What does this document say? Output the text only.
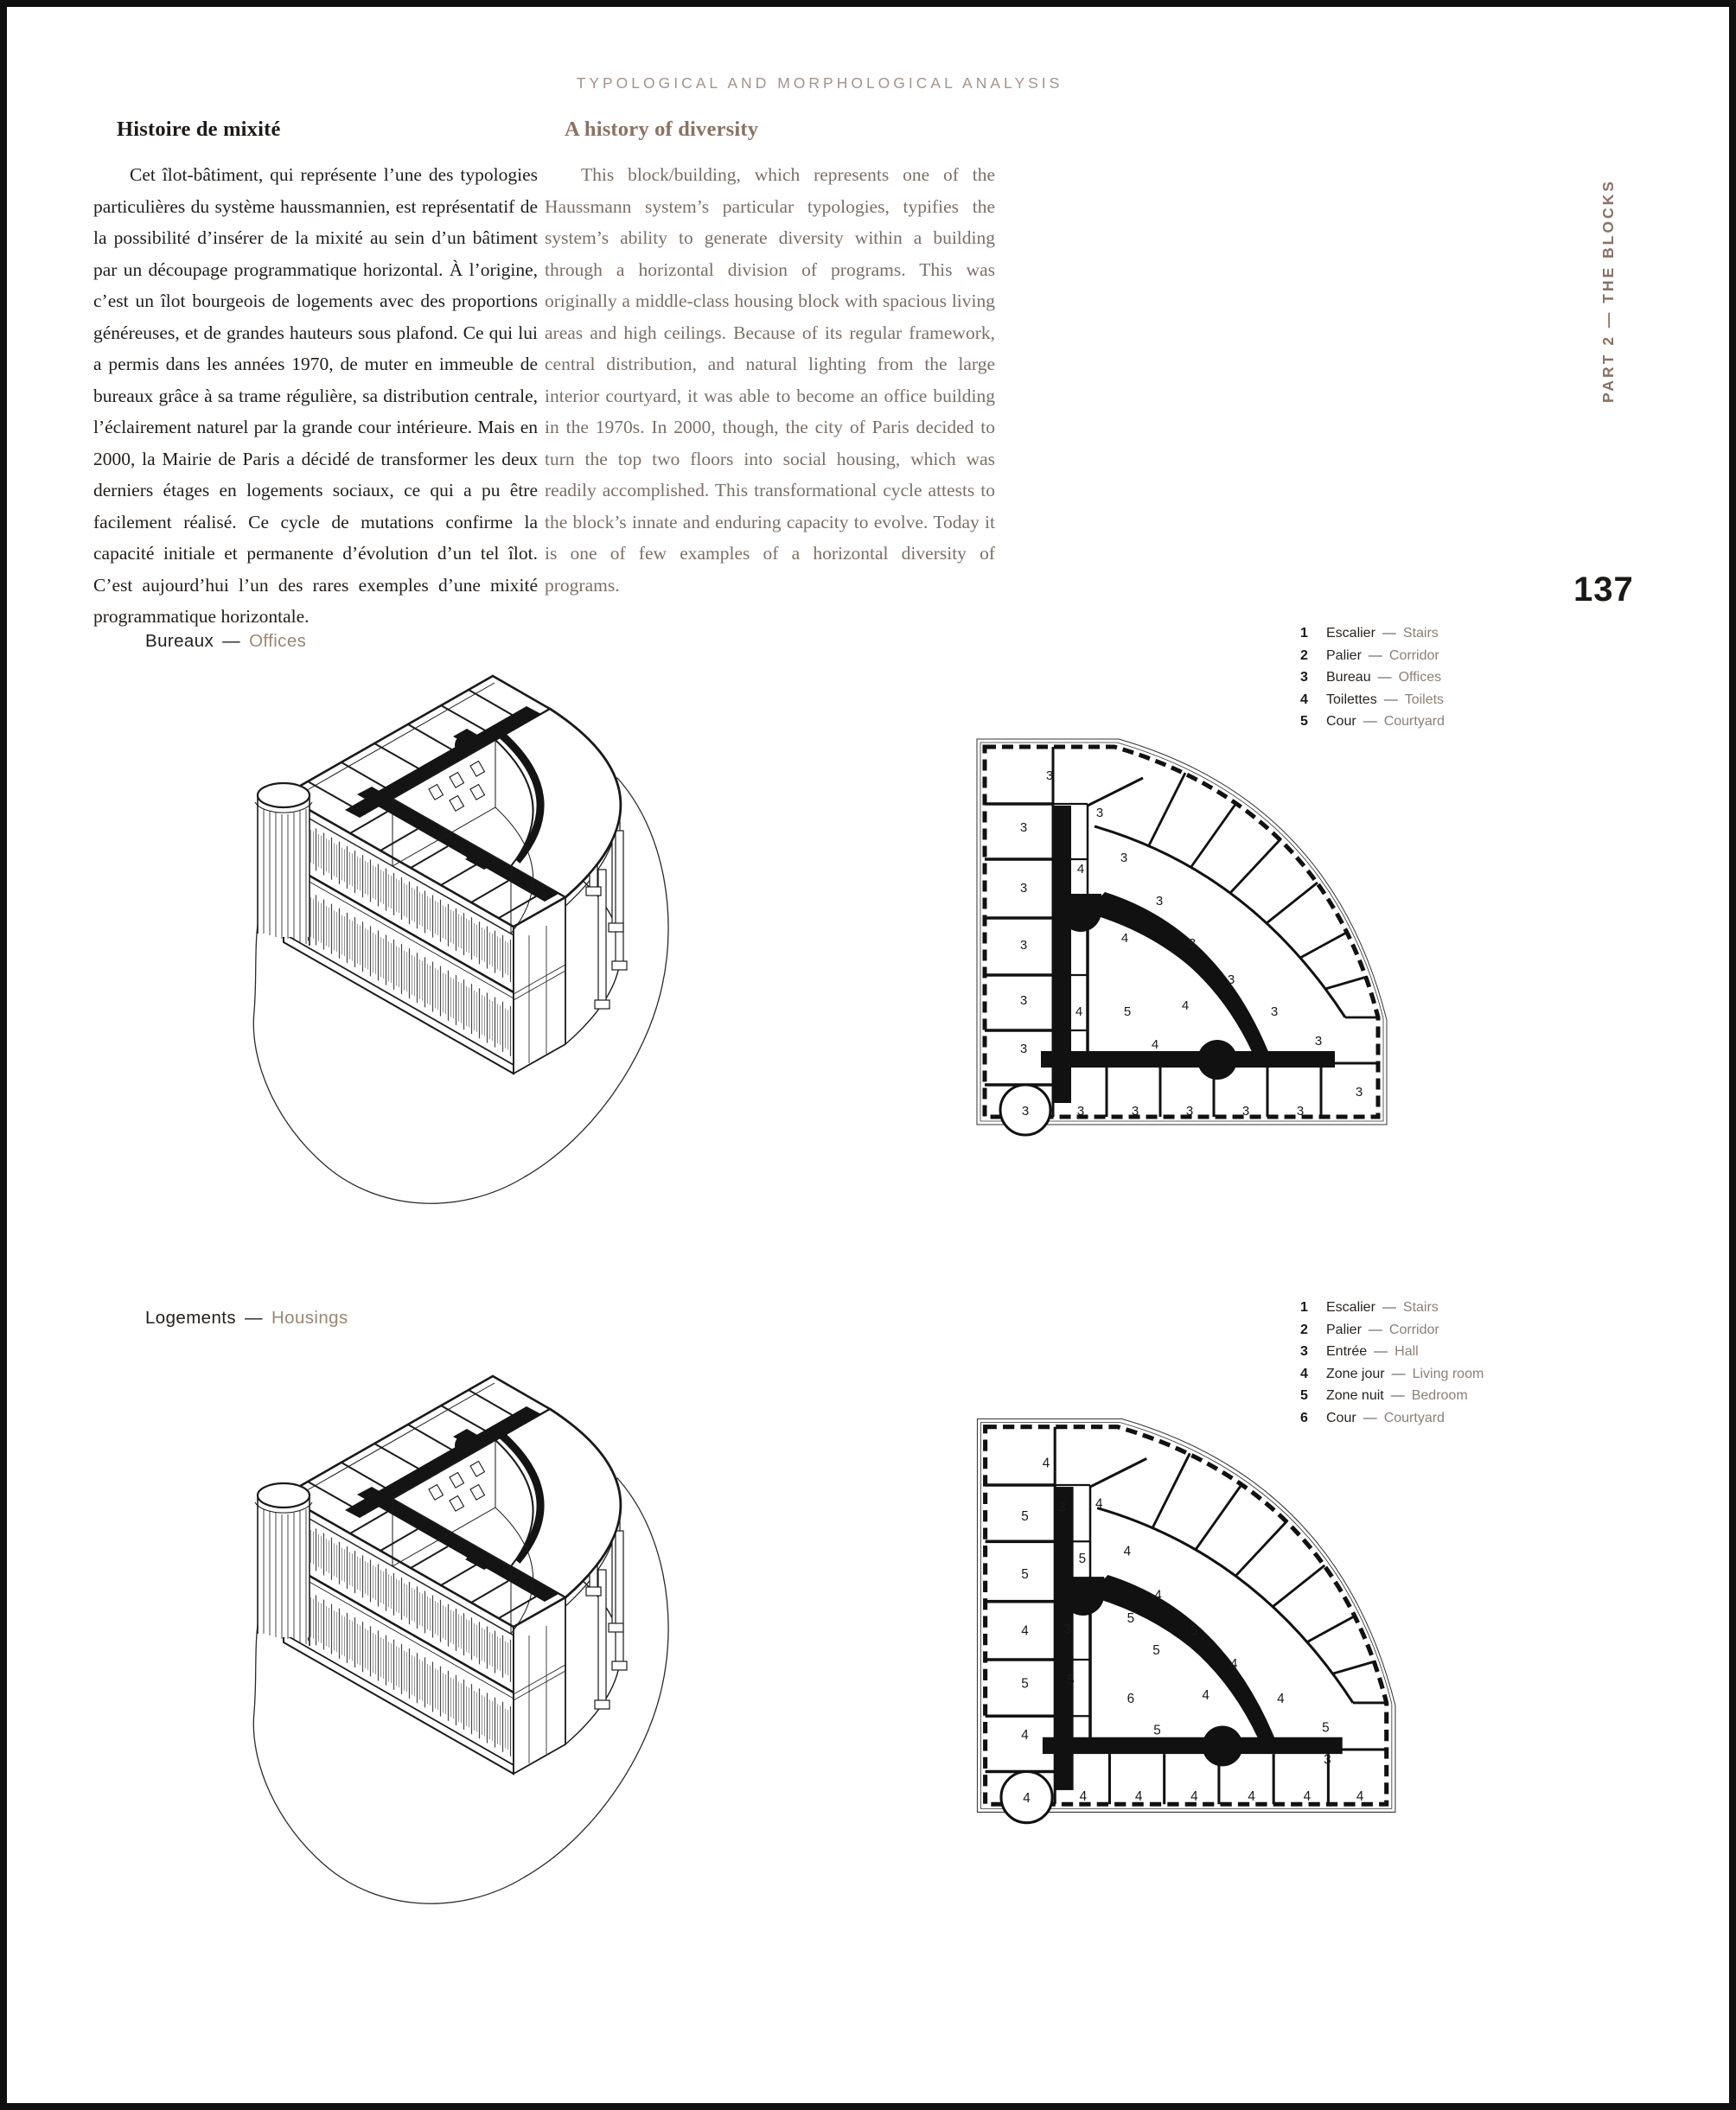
TYPOLOGICAL AND MORPHOLOGICAL ANALYSIS
PART 2 — THE BLOCKS
137
Histoire de mixité
Cet îlot-bâtiment, qui représente l’une des typologies particulières du système haussmannien, est représentatif de la possibilité d’insérer de la mixité au sein d’un bâtiment par un découpage programmatique horizontal. À l’origine, c’est un îlot bourgeois de logements avec des proportions généreuses, et de grandes hauteurs sous plafond. Ce qui lui a permis dans les années 1970, de muter en immeuble de bureaux grâce à sa trame régulière, sa distribution centrale, l’éclairement naturel par la grande cour intérieure. Mais en 2000, la Mairie de Paris a décidé de transformer les deux derniers étages en logements sociaux, ce qui a pu être facilement réalisé. Ce cycle de mutations confirme la capacité initiale et permanente d’évolution d’un tel îlot. C’est aujourd’hui l’un des rares exemples d’une mixité programmatique horizontale.
A history of diversity
This block/building, which represents one of the Haussmann system’s particular typologies, typifies the system’s ability to generate diversity within a building through a horizontal division of programs. This was originally a middle-class housing block with spacious living areas and high ceilings. Because of its regular framework, central distribution, and natural lighting from the large interior courtyard, it was able to become an office building in the 1970s. In 2000, though, the city of Paris decided to turn the top two floors into social housing, which was readily accomplished. This transformational cycle attests to the block’s innate and enduring capacity to evolve. Today it is one of few examples of a horizontal diversity of programs.
Bureaux — Offices	1	Escalier — Stairs
2	Palier — Corridor
3	Bureau — Offices
4	Toilettes — Toilets
5	Cour — Courtyard
3
3
3
3
3
3
3
3
3
3
3
3
3
3
3
4
4
4	4
4
5
3	3	3	3	3
Logements — Housings
1	Escalier — Stairs
2	Palier — Corridor
3	Entrée — Hall
4	Zone jour — Living room
5	Zone nuit — Bedroom
6	Cour — Courtyard
4
5
5
4
5
4
4
3
5
3
5
4
4
4
5
5
5
4
4	4
5
3
6
5
4	4	4	4	4	4
